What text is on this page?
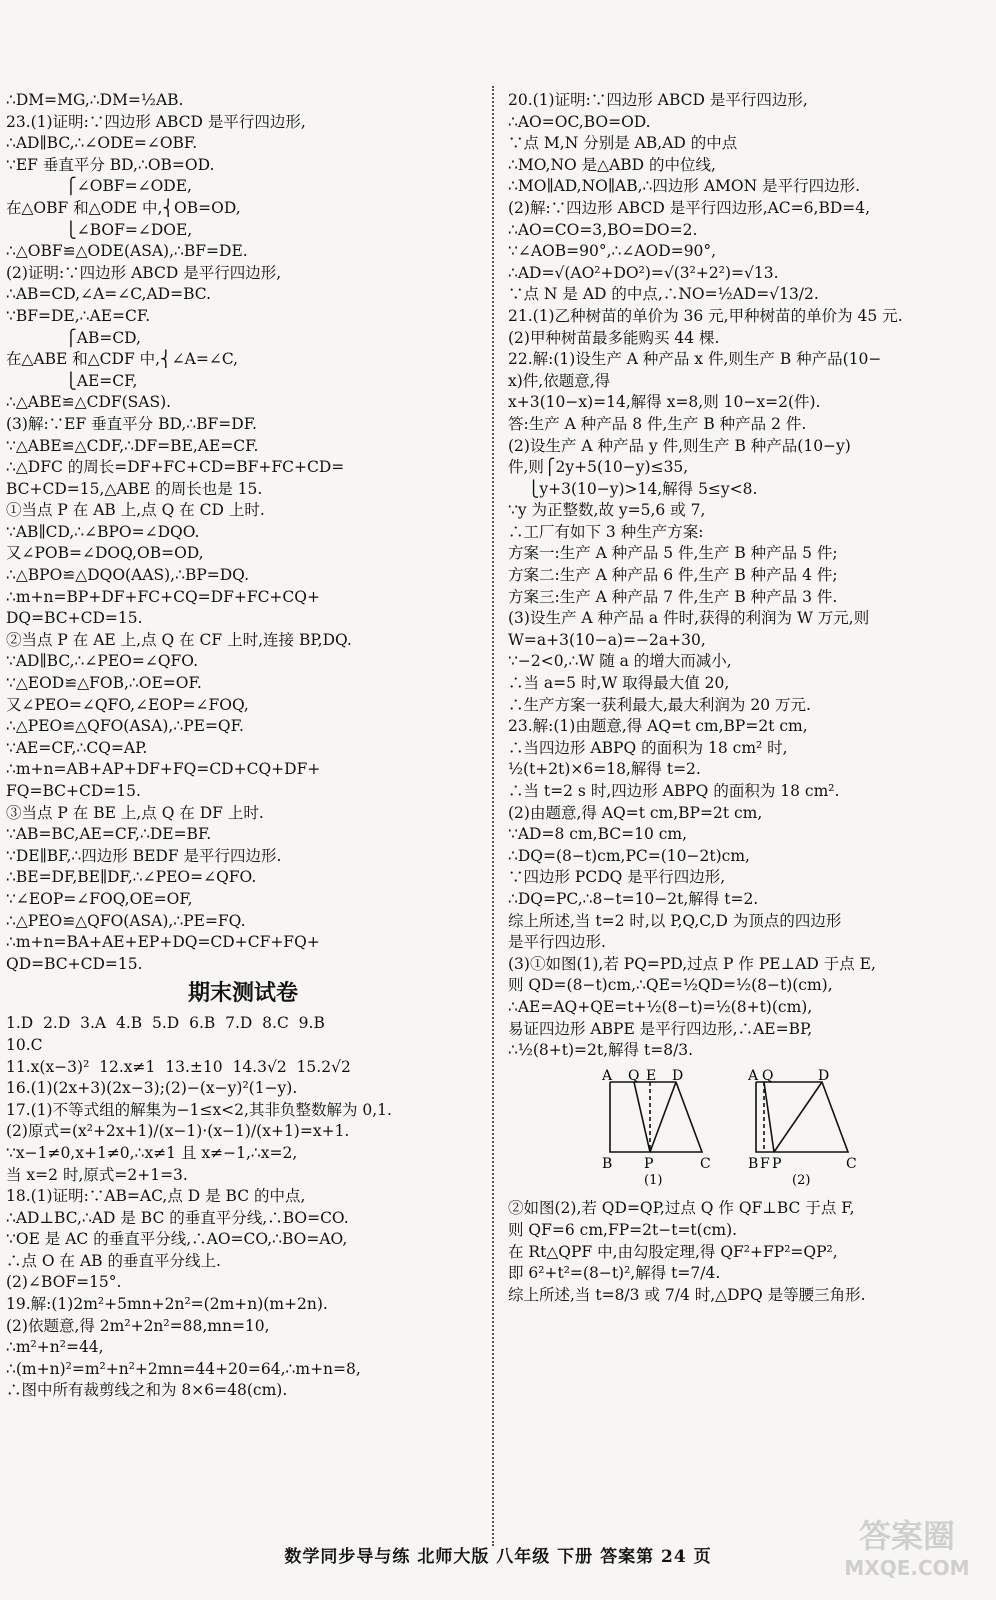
∴DM=MG,∴DM=½AB.
23.(1)证明:∵四边形 ABCD 是平行四边形,
∴AD∥BC,∴∠ODE=∠OBF.
∵EF 垂直平分 BD,∴OB=OD.
⎧∠OBF=∠ODE,
在△OBF 和△ODE 中,⎨OB=OD,
⎩∠BOF=∠DOE,
∴△OBF≌△ODE(ASA),∴BF=DE.
(2)证明:∵四边形 ABCD 是平行四边形,
∴AB=CD,∠A=∠C,AD=BC.
∵BF=DE,∴AE=CF.
⎧AB=CD,
在△ABE 和△CDF 中,⎨∠A=∠C,
⎩AE=CF,
∴△ABE≌△CDF(SAS).
(3)解:∵EF 垂直平分 BD,∴BF=DF.
∵△ABE≌△CDF,∴DF=BE,AE=CF.
∴△DFC 的周长=DF+FC+CD=BF+FC+CD=
BC+CD=15,△ABE 的周长也是 15.
①当点 P 在 AB 上,点 Q 在 CD 上时.
∵AB∥CD,∴∠BPO=∠DQO.
又∠POB=∠DOQ,OB=OD,
∴△BPO≌△DQO(AAS),∴BP=DQ.
∴m+n=BP+DF+FC+CQ=DF+FC+CQ+
DQ=BC+CD=15.
②当点 P 在 AE 上,点 Q 在 CF 上时,连接 BP,DQ.
∵AD∥BC,∴∠PEO=∠QFO.
∵△EOD≌△FOB,∴OE=OF.
又∠PEO=∠QFO,∠EOP=∠FOQ,
∴△PEO≌△QFO(ASA),∴PE=QF.
∵AE=CF,∴CQ=AP.
∴m+n=AB+AP+DF+FQ=CD+CQ+DF+
FQ=BC+CD=15.
③当点 P 在 BE 上,点 Q 在 DF 上时.
∵AB=BC,AE=CF,∴DE=BF.
∵DE∥BF,∴四边形 BEDF 是平行四边形.
∴BE=DF,BE∥DF,∴∠PEO=∠QFO.
∵∠EOP=∠FOQ,OE=OF,
∴△PEO≌△QFO(ASA),∴PE=FQ.
∴m+n=BA+AE+EP+DQ=CD+CF+FQ+
QD=BC+CD=15.
期末测试卷
1.D  2.D  3.A  4.B  5.D  6.B  7.D  8.C  9.B
10.C
11.x(x−3)²  12.x≠1  13.±10  14.3√2  15.2√2
16.(1)(2x+3)(2x−3);(2)−(x−y)²(1−y).
17.(1)不等式组的解集为−1≤x<2,其非负整数解为 0,1.
(2)原式=(x²+2x+1)/(x−1)·(x−1)/(x+1)=x+1.
∵x−1≠0,x+1≠0,∴x≠1 且 x≠−1,∴x=2,
当 x=2 时,原式=2+1=3.
18.(1)证明:∵AB=AC,点 D 是 BC 的中点,
∴AD⊥BC,∴AD 是 BC 的垂直平分线,∴BO=CO.
∵OE 是 AC 的垂直平分线,∴AO=CO,∴BO=AO,
∴点 O 在 AB 的垂直平分线上.
(2)∠BOF=15°.
19.解:(1)2m²+5mn+2n²=(2m+n)(m+2n).
(2)依题意,得 2m²+2n²=88,mn=10,
∴m²+n²=44,
∴(m+n)²=m²+n²+2mn=44+20=64,∴m+n=8,
∴图中所有裁剪线之和为 8×6=48(cm).
20.(1)证明:∵四边形 ABCD 是平行四边形,
∴AO=OC,BO=OD.
∵点 M,N 分别是 AB,AD 的中点
∴MO,NO 是△ABD 的中位线,
∴MO∥AD,NO∥AB,∴四边形 AMON 是平行四边形.
(2)解:∵四边形 ABCD 是平行四边形,AC=6,BD=4,
∴AO=CO=3,BO=DO=2.
∵∠AOB=90°,∴∠AOD=90°,
∴AD=√(AO²+DO²)=√(3²+2²)=√13.
∵点 N 是 AD 的中点,∴NO=½AD=√13/2.
21.(1)乙种树苗的单价为 36 元,甲种树苗的单价为 45 元.
(2)甲种树苗最多能购买 44 棵.
22.解:(1)设生产 A 种产品 x 件,则生产 B 种产品(10−
x)件,依题意,得
x+3(10−x)=14,解得 x=8,则 10−x=2(件).
答:生产 A 种产品 8 件,生产 B 种产品 2 件.
(2)设生产 A 种产品 y 件,则生产 B 种产品(10−y)
件,则⎧2y+5(10−y)≤35,
⎩y+3(10−y)>14,解得 5≤y<8.
∵y 为正整数,故 y=5,6 或 7,
∴工厂有如下 3 种生产方案:
方案一:生产 A 种产品 5 件,生产 B 种产品 5 件;
方案二:生产 A 种产品 6 件,生产 B 种产品 4 件;
方案三:生产 A 种产品 7 件,生产 B 种产品 3 件.
(3)设生产 A 种产品 a 件时,获得的利润为 W 万元,则
W=a+3(10−a)=−2a+30,
∵−2<0,∴W 随 a 的增大而减小,
∴当 a=5 时,W 取得最大值 20,
∴生产方案一获利最大,最大利润为 20 万元.
23.解:(1)由题意,得 AQ=t cm,BP=2t cm,
∴当四边形 ABPQ 的面积为 18 cm² 时,
½(t+2t)×6=18,解得 t=2.
∴当 t=2 s 时,四边形 ABPQ 的面积为 18 cm².
(2)由题意,得 AQ=t cm,BP=2t cm,
∵AD=8 cm,BC=10 cm,
∴DQ=(8−t)cm,PC=(10−2t)cm,
∵四边形 PCDQ 是平行四边形,
∴DQ=PC,∴8−t=10−2t,解得 t=2.
综上所述,当 t=2 时,以 P,Q,C,D 为顶点的四边形
是平行四边形.
(3)①如图(1),若 PQ=PD,过点 P 作 PE⊥AD 于点 E,
则 QD=(8−t)cm,∴QE=½QD=½(8−t)(cm),
∴AE=AQ+QE=t+½(8−t)=½(8+t)(cm),
易证四边形 ABPE 是平行四边形,∴AE=BP,
∴½(8+t)=2t,解得 t=8/3.
A Q E D
B P	C
(1)
A Q	D
B F P	C
(2)
②如图(2),若 QD=QP,过点 Q 作 QF⊥BC 于点 F,
则 QF=6 cm,FP=2t−t=t(cm).
在 Rt△QPF 中,由勾股定理,得 QF²+FP²=QP²,
即 6²+t²=(8−t)²,解得 t=7/4.
综上所述,当 t=8/3 或 7/4 时,△DPQ 是等腰三角形.
数学同步导与练 北师大版 八年级 下册 答案第 24 页
答案圈
MXQE.COM
